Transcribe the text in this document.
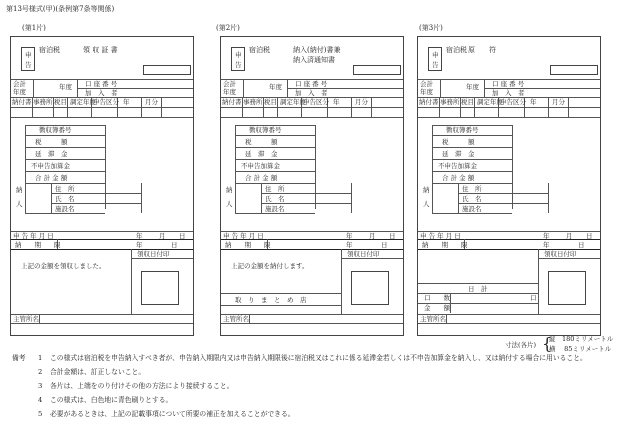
第13号様式(甲)(条例第7条等関係)
申
告
宿泊税	領 収 証 書
会計
年度
年度 口 座 番 号
加　入　者
納付書 事務所 税目 調定年度
申告区分 年 月分
徴収簿番号
税　　　額
延　滞　金
不申告加算金
合 計 金 額
納
人
住　所
氏　名
施設名
申 告 年 月 日	年	月 日
納　　期　　限	年	日
領収日付印
上記の金額を領収しました。
主管所名
申
告
宿泊税	納入(納付)書兼
納入済通知書
会計
年度
年度 口 座 番 号
加　入　者
納付書 事務所 税目 調定年度
申告区分 年 月分
徴収簿番号
税　　　額
延　滞　金
不申告加算金
合 計 金 額
納
人
住　所
氏　名
施設名
申 告 年 月 日	年	月 日
納　　期　　限	年	日
領収日付印
上記の金額を納付します。
取　り　ま　と　め　店
主管所名
申
告
宿泊税 原　　符
会計
年度
年度 口 座 番 号
加　入　者
納付書 事務所 税目 調定年度
申告区分 年 月分
徴収簿番号
税　　　額
延　滞　金
不申告加算金
合 計 金 額
納
人
住　所
氏　名
施設名
申 告 年 月 日	年	月 日
納　　期　　限	年	日
領収日付印
日　計
口　　数	口
金　　額
主管所名
寸法(各片) {
縦　180ミリメートル
横　 85ミリメートル
備考 1 この様式は宿泊税を申告納入すべき者が、申告納入期限内又は申告納入期限後に宿泊税又はこれに係る延滞金若しくは不申告加算金を納入し、又は納付する場合に用いること。
2 合計金額は、訂正しないこと。
3 各片は、上端をのり付けその他の方法により接続すること。
4 この様式は、白色地に青色刷りとする。
5 必要があるときは、上記の記載事項について所要の補正を加えることができる。
(第1片)	(第2片)	(第3片)
